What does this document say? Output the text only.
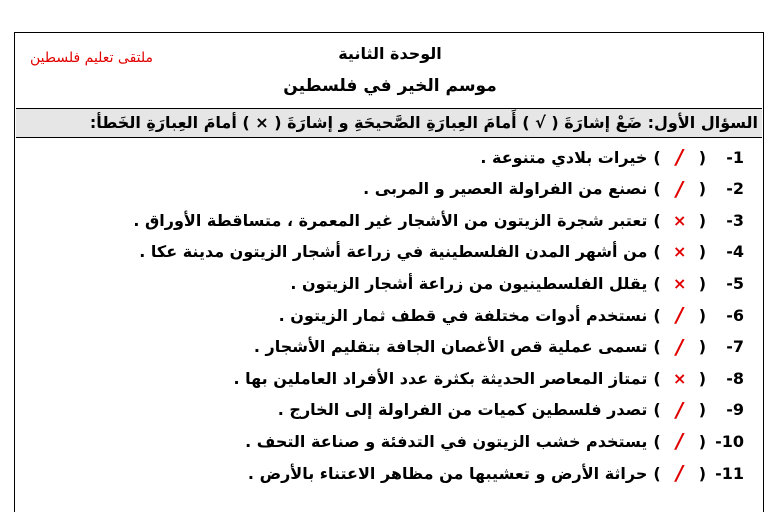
ملتقى تعليم فلسطين	الوحدة الثانية
موسم الخير في فلسطين
السؤال الأول: ضَعْ إشارَةَ ( √ ) أَمامَ العِبارَةِ الصَّحيحَةِ و إشارَةَ ( × ) أمامَ العِبارَةِ الخَطأ:
1-
(
/
)
خيرات بلادي متنوعة .
2-
(
/
)
نصنع من الفراولة العصير و المربى .
3-
(
×
)
تعتبر شجرة الزيتون من الأشجار غير المعمرة ، متساقطة الأوراق .
4-
(
×
)
من أشهر المدن الفلسطينية في زراعة أشجار الزيتون مدينة عكا .
5-
(
×
)
يقلل الفلسطينيون من زراعة أشجار الزيتون .
6-
(
/
)
نستخدم أدوات مختلفة في قطف ثمار الزيتون .
7-
(
/
)
تسمى عملية قص الأغصان الجافة بتقليم الأشجار .
8-
(
×
)
تمتاز المعاصر الحديثة بكثرة عدد الأفراد العاملين بها .
9-
(
/
)
تصدر فلسطين كميات من الفراولة إلى الخارج .
10-
(
/
)
يستخدم خشب الزيتون في التدفئة و صناعة التحف .
11-
(
/
)
حراثة الأرض و تعشيبها من مظاهر الاعتناء بالأرض .
